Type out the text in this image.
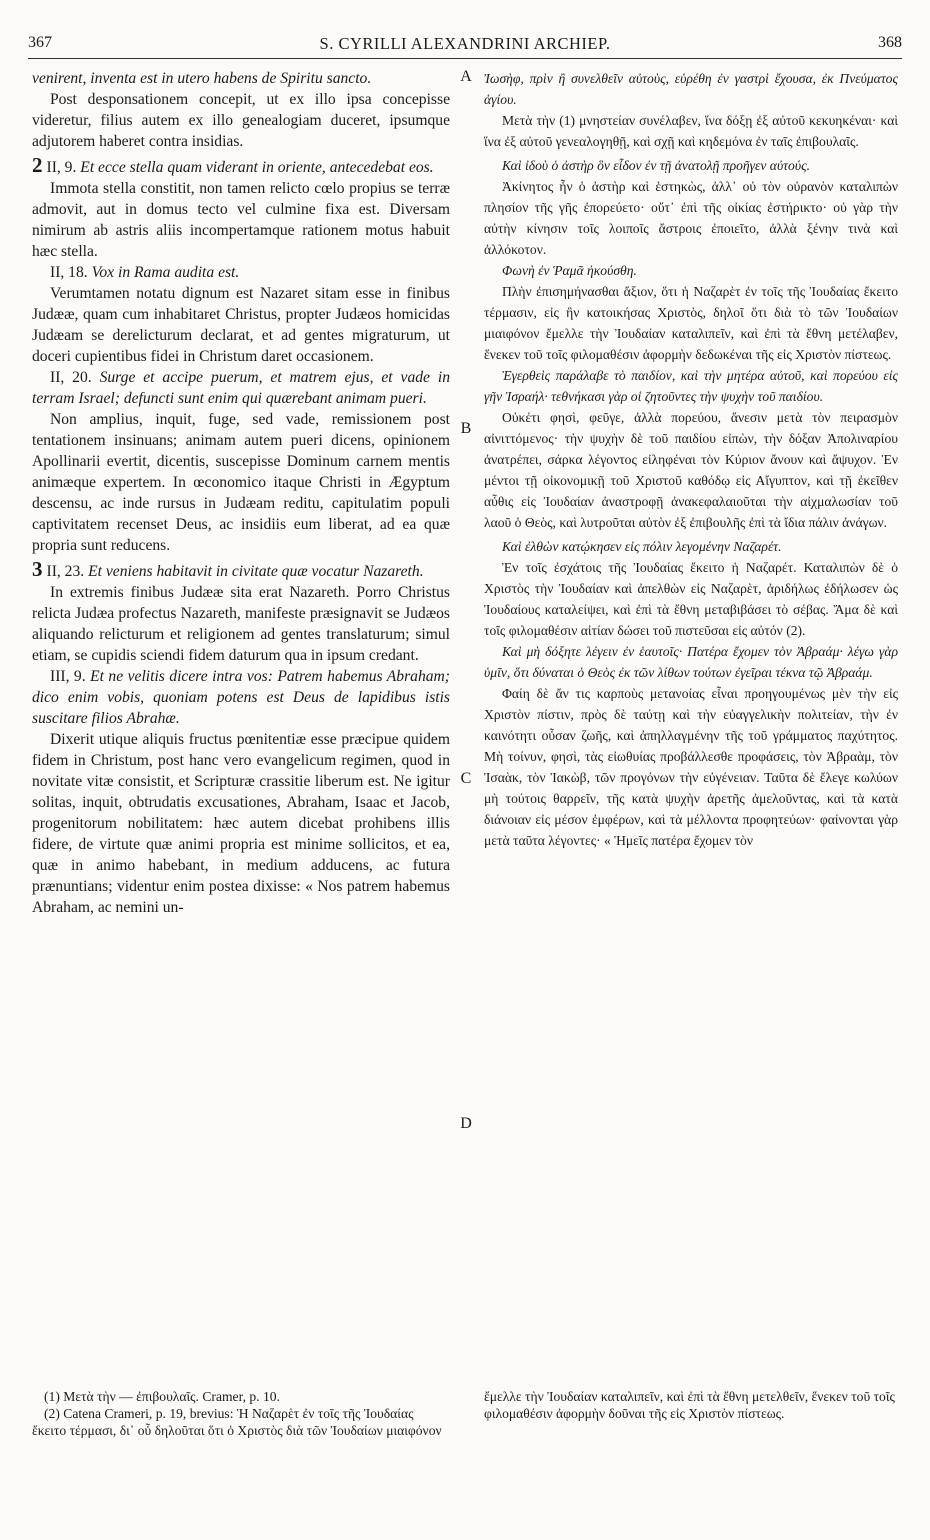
367	S. CYRILLI ALEXANDRINI ARCHIEP.	368

venirent, inventa est in utero habens de Spiritu sancto.

Post desponsationem concepit, ut ex illo ipsa concepisse videretur, filius autem ex illo genealogiam duceret, ipsumque adjutorem haberet contra insidias.

2 II, 9. Et ecce stella quam viderant in oriente, antecedebat eos.

Immota stella constitit, non tamen relicto cœlo propius se terræ admovit, aut in domus tecto vel culmine fixa est. Diversam nimirum ab astris aliis incompertamque rationem motus habuit hæc stella.

II, 18. Vox in Rama audita est.

Verumtamen notatu dignum est Nazaret sitam esse in finibus Judææ, quam cum inhabitaret Christus, propter Judæos homicidas Judæam se derelicturum declarat, et ad gentes migraturum, ut doceri cupientibus fidei in Christum daret occasionem.

II, 20. Surge et accipe puerum, et matrem ejus, et vade in terram Israel; defuncti sunt enim qui quærebant animam pueri.

Non amplius, inquit, fuge, sed vade, remissionem post tentationem insinuans; animam autem pueri dicens, opinionem Apollinarii evertit, dicentis, suscepisse Dominum carnem mentis animæque expertem. In œconomico itaque Christi in Ægyptum descensu, ac inde rursus in Judæam reditu, capitulatim populi captivitatem recenset Deus, ac insidiis eum liberat, ad ea quæ propria sunt reducens.

3 II, 23. Et veniens habitavit in civitate quæ vocatur Nazareth.

In extremis finibus Judææ sita erat Nazareth. Porro Christus relicta Judæa profectus Nazareth, manifeste præsignavit se Judæos aliquando relicturum et religionem ad gentes translaturum; simul etiam, se cupidis sciendi fidem daturum qua in ipsum credant.

III, 9. Et ne velitis dicere intra vos: Patrem habemus Abraham; dico enim vobis, quoniam potens est Deus de lapidibus istis suscitare filios Abrahæ.

Dixerit utique aliquis fructus pœnitentiæ esse præcipue quidem fidem in Christum, post hanc vero evangelicum regimen, quod in novitate vitæ consistit, et Scripturæ crassitie liberum est. Ne igitur solitas, inquit, obtrudatis excusationes, Abraham, Isaac et Jacob, progenitorum nobilitatem: hæc autem dicebat prohibens illis fidere, de virtute quæ animi propria est minime sollicitos, et ea, quæ in animo habebant, in medium adducens, ac futura prænuntians; videntur enim postea dixisse: « Nos patrem habemus Abraham, ac nemini un-

A
B
C
D

Ἰωσὴφ, πρὶν ἢ συνελθεῖν αὐτοὺς, εὑρέθη ἐν γαστρὶ ἔχουσα, ἐκ Πνεύματος ἁγίου.

Μετὰ τὴν (1) μνηστείαν συνέλαβεν, ἵνα δόξῃ ἐξ αὐτοῦ κεκυηκέναι· καὶ ἵνα ἐξ αὐτοῦ γενεαλογηθῇ, καὶ σχῇ καὶ κηδεμόνα ἐν ταῖς ἐπιβουλαῖς.

Καὶ ἰδοὺ ὁ ἀστὴρ ὃν εἶδον ἐν τῇ ἀνατολῇ προῆγεν αὐτούς.

Ἀκίνητος ἦν ὁ ἀστὴρ καὶ ἑστηκὼς, ἀλλ᾽ οὐ τὸν οὐρανὸν καταλιπὼν πλησίον τῆς γῆς ἐπορεύετο· οὔτ᾽ ἐπὶ τῆς οἰκίας ἐστήρικτο· οὐ γὰρ τὴν αὐτὴν κίνησιν τοῖς λοιποῖς ἄστροις ἐποιεῖτο, ἀλλὰ ξένην τινὰ καὶ ἀλλόκοτον.

Φωνὴ ἐν Ῥαμᾶ ἠκούσθη.

Πλὴν ἐπισημήνασθαι ἄξιον, ὅτι ἡ Ναζαρὲτ ἐν τοῖς τῆς Ἰουδαίας ἔκειτο τέρμασιν, εἰς ἣν κατοικήσας Χριστὸς, δηλοῖ ὅτι διὰ τὸ τῶν Ἰουδαίων μιαιφόνον ἔμελλε τὴν Ἰουδαίαν καταλιπεῖν, καὶ ἐπὶ τὰ ἔθνη μετέλαβεν, ἕνεκεν τοῦ τοῖς φιλομαθέσιν ἀφορμὴν δεδωκέναι τῆς εἰς Χριστὸν πίστεως.

Ἐγερθεὶς παράλαβε τὸ παιδίον, καὶ τὴν μητέρα αὐτοῦ, καὶ πορεύου εἰς γῆν Ἰσραήλ· τεθνήκασι γὰρ οἱ ζητοῦντες τὴν ψυχὴν τοῦ παιδίου.

Οὐκέτι φησὶ, φεῦγε, ἀλλὰ πορεύου, ἄνεσιν μετὰ τὸν πειρασμὸν αἰνιττόμενος· τὴν ψυχὴν δὲ τοῦ παιδίου εἰπὼν, τὴν δόξαν Ἀπολιναρίου ἀνατρέπει, σάρκα λέγοντος εἰληφέναι τὸν Κύριον ἄνουν καὶ ἄψυχον. Ἐν μέντοι τῇ οἰκονομικῇ τοῦ Χριστοῦ καθόδῳ εἰς Αἴγυπτον, καὶ τῇ ἐκεῖθεν αὖθις εἰς Ἰουδαίαν ἀναστροφῇ ἀνακεφαλαιοῦται τὴν αἰχμαλωσίαν τοῦ λαοῦ ὁ Θεὸς, καὶ λυτροῦται αὐτὸν ἐξ ἐπιβουλῆς ἐπὶ τὰ ἴδια πάλιν ἀνάγων.

Καὶ ἐλθὼν κατῴκησεν εἰς πόλιν λεγομένην Ναζαρέτ.

Ἐν τοῖς ἐσχάτοις τῆς Ἰουδαίας ἔκειτο ἡ Ναζαρέτ. Καταλιπὼν δὲ ὁ Χριστὸς τὴν Ἰουδαίαν καὶ ἀπελθὼν εἰς Ναζαρὲτ, ἀριδήλως ἐδήλωσεν ὡς Ἰουδαίους καταλείψει, καὶ ἐπὶ τὰ ἔθνη μεταβιβάσει τὸ σέβας. Ἅμα δὲ καὶ τοῖς φιλομαθέσιν αἰτίαν δώσει τοῦ πιστεῦσαι εἰς αὐτόν (2).

Καὶ μὴ δόξητε λέγειν ἐν ἑαυτοῖς· Πατέρα ἔχομεν τὸν Ἀβραάμ· λέγω γὰρ ὑμῖν, ὅτι δύναται ὁ Θεὸς ἐκ τῶν λίθων τούτων ἐγεῖραι τέκνα τῷ Ἀβραάμ.

Φαίη δὲ ἄν τις καρποὺς μετανοίας εἶναι προηγουμένως μὲν τὴν εἰς Χριστὸν πίστιν, πρὸς δὲ ταύτῃ καὶ τὴν εὐαγγελικὴν πολιτείαν, τὴν ἐν καινότητι οὖσαν ζωῆς, καὶ ἀπηλλαγμένην τῆς τοῦ γράμματος παχύτητος. Μὴ τοίνυν, φησὶ, τὰς εἰωθυίας προβάλλεσθε προφάσεις, τὸν Ἀβραὰμ, τὸν Ἰσαὰκ, τὸν Ἰακὼβ, τῶν προγόνων τὴν εὐγένειαν. Ταῦτα δὲ ἔλεγε κωλύων μὴ τούτοις θαρρεῖν, τῆς κατὰ ψυχὴν ἀρετῆς ἀμελοῦντας, καὶ τὰ κατὰ διάνοιαν εἰς μέσον ἐμφέρων, καὶ τὰ μέλλοντα προφητεύων· φαίνονται γὰρ μετὰ ταῦτα λέγοντες· « Ἡμεῖς πατέρα ἔχομεν τὸν

(1) Μετὰ τὴν — ἐπιβουλαῖς. Cramer, p. 10.

(2) Catena Crameri, p. 19, brevius: Ἡ Ναζαρὲτ ἐν τοῖς τῆς Ἰουδαίας ἔκειτο τέρμασι, δι᾽ οὗ δηλοῦται ὅτι ὁ Χριστὸς διὰ τῶν Ἰουδαίων μιαιφόνον

ἔμελλε τὴν Ἰουδαίαν καταλιπεῖν, καὶ ἐπὶ τὰ ἔθνη μετελθεῖν, ἕνεκεν τοῦ τοῖς φιλομαθέσιν ἀφορμὴν δοῦναι τῆς εἰς Χριστὸν πίστεως.
